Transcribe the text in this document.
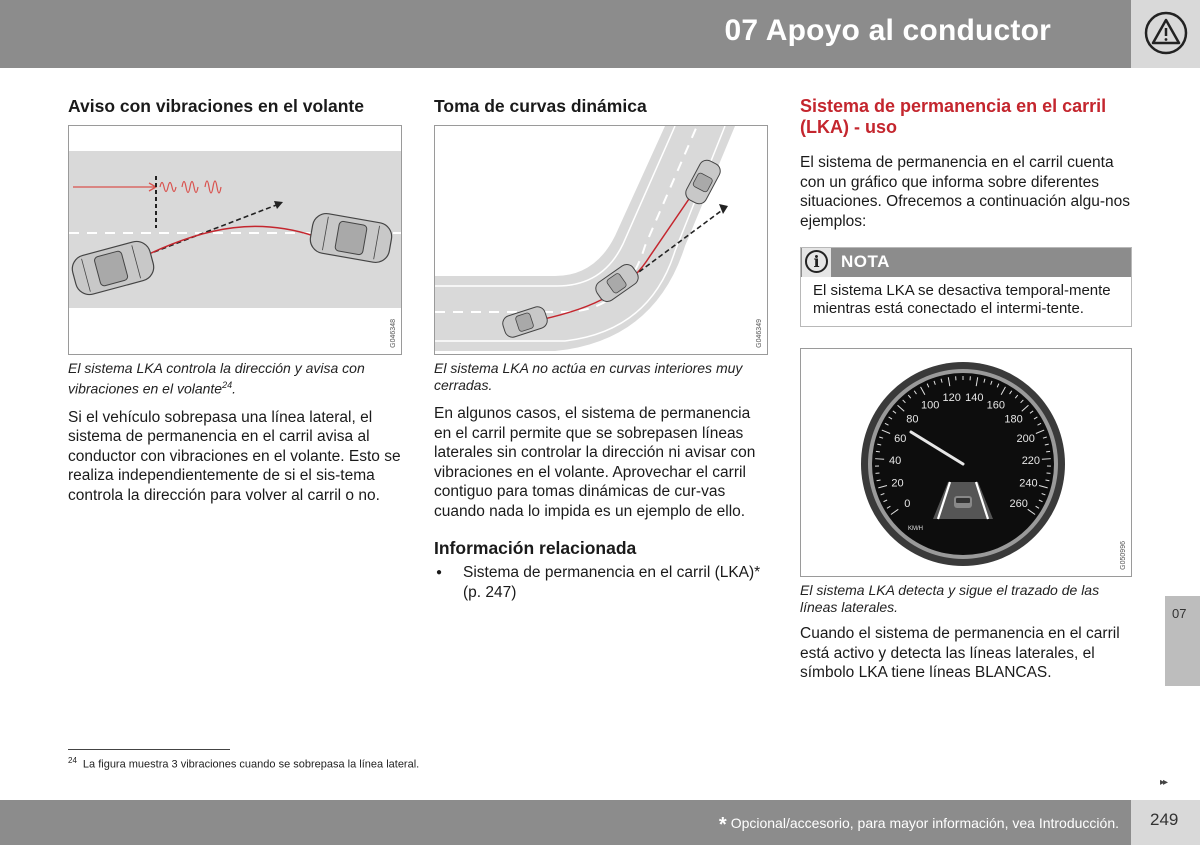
07 Apoyo al conductor
Aviso con vibraciones en el volante
G046348

El sistema LKA controla la dirección y avisa con vibraciones en el volante$^{24}$.

Si el vehículo sobrepasa una línea lateral, el sistema de permanencia en el carril avisa al conductor con vibraciones en el volante. Esto se realiza independientemente de si el sis-tema controla la dirección para volver al carril o no.

Toma de curvas dinámica
G046349

El sistema LKA no actúa en curvas interiores muy cerradas.

En algunos casos, el sistema de permanencia en el carril permite que se sobrepasen líneas laterales sin controlar la dirección ni avisar con vibraciones en el volante. Aprovechar el carril contiguo para tomas dinámicas de cur-vas cuando nada lo impida es un ejemplo de ello.

Información relacionada
● Sistema de permanencia en el carril (LKA)* (p. 247)
Sistema de permanencia en el carril (LKA) - uso

El sistema de permanencia en el carril cuenta con un gráfico que informa sobre diferentes situaciones. Ofrecemos a continuación algu-nos ejemplos:

i	NOTA
El sistema LKA se desactiva temporal-mente mientras está conectado el intermi-tente.
0
20
40
60
80
100
120 140
160
180
200
220
240
260
KM/H
G050996

El sistema LKA detecta y sigue el trazado de las líneas laterales.

Cuando el sistema de permanencia en el carril está activo y detecta las líneas laterales, el símbolo LKA tiene líneas BLANCAS.

$^{24}$ La figura muestra 3 vibraciones cuando se sobrepasa la línea lateral.
▸▸
07
* Opcional/accesorio, para mayor información, vea Introducción. 249
